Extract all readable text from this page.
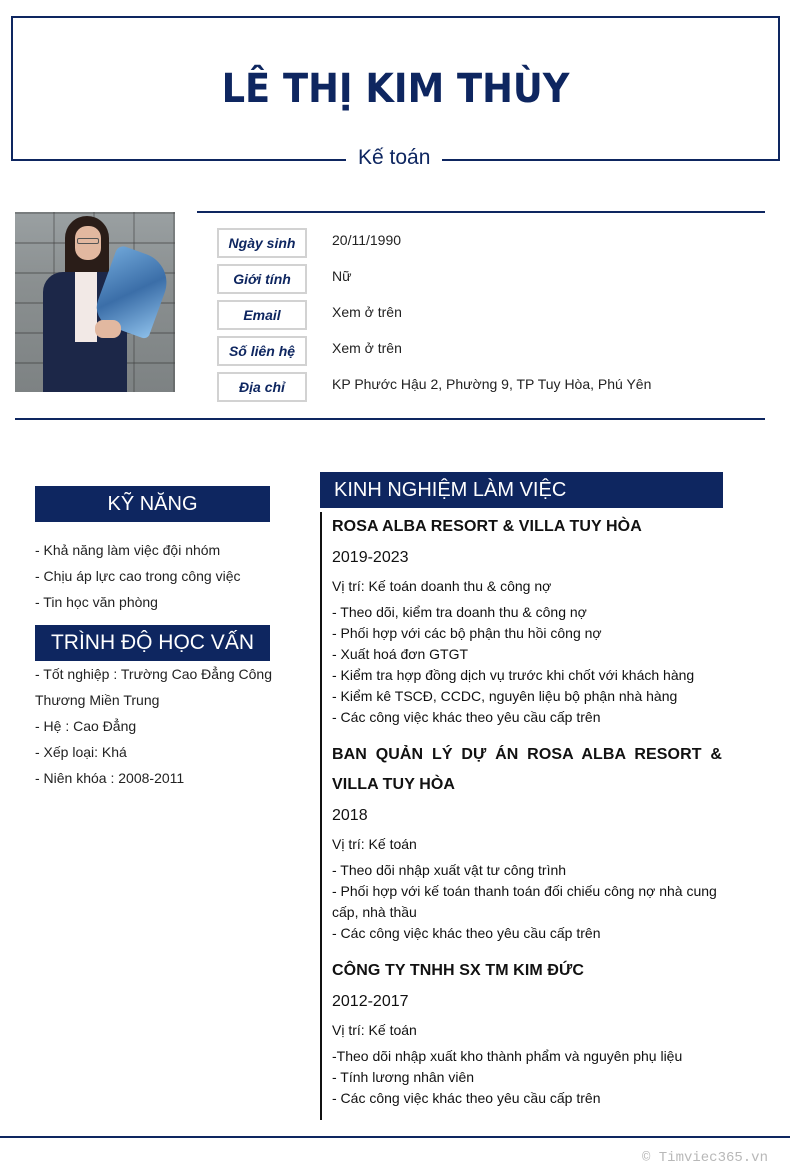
LÊ THỊ KIM THÙY
Kế toán
Ngày sinh	20/11/1990
Giới tính	Nữ
Email	Xem ở trên
Số liên hệ	Xem ở trên
Địa chỉ	KP Phước Hậu 2, Phường 9, TP Tuy Hòa, Phú Yên
KỸ NĂNG
- Khả năng làm việc đội nhóm
- Chịu áp lực cao trong công việc
- Tin học văn phòng
TRÌNH ĐỘ HỌC VẤN
- Tốt nghiệp : Trường Cao Đẳng Công Thương Miền Trung
- Hệ : Cao Đẳng
- Xếp loại: Khá
- Niên khóa : 2008-2011
KINH NGHIỆM LÀM VIỆC
ROSA ALBA RESORT & VILLA TUY HÒA
2019-2023
Vị trí: Kế toán doanh thu & công nợ
- Theo dõi, kiểm tra doanh thu & công nợ
- Phối hợp với các bộ phận thu hồi công nợ
- Xuất hoá đơn GTGT
- Kiểm tra hợp đồng dịch vụ trước khi chốt với khách hàng
- Kiểm kê TSCĐ, CCDC, nguyên liệu bộ phận nhà hàng
- Các công việc khác theo yêu cầu cấp trên
BAN QUẢN LÝ DỰ ÁN ROSA ALBA RESORT & VILLA TUY HÒA
2018
Vị trí: Kế toán
- Theo dõi nhập xuất vật tư công trình
- Phối hợp với kế toán thanh toán đối chiếu công nợ nhà cung cấp, nhà thầu
- Các công việc khác theo yêu cầu cấp trên
CÔNG TY TNHH SX TM KIM ĐỨC
2012-2017
Vị trí: Kế toán
-Theo dõi nhập xuất kho thành phẩm và nguyên phụ liệu
- Tính lương nhân viên
- Các công việc khác theo yêu cầu cấp trên
© Timviec365.vn
